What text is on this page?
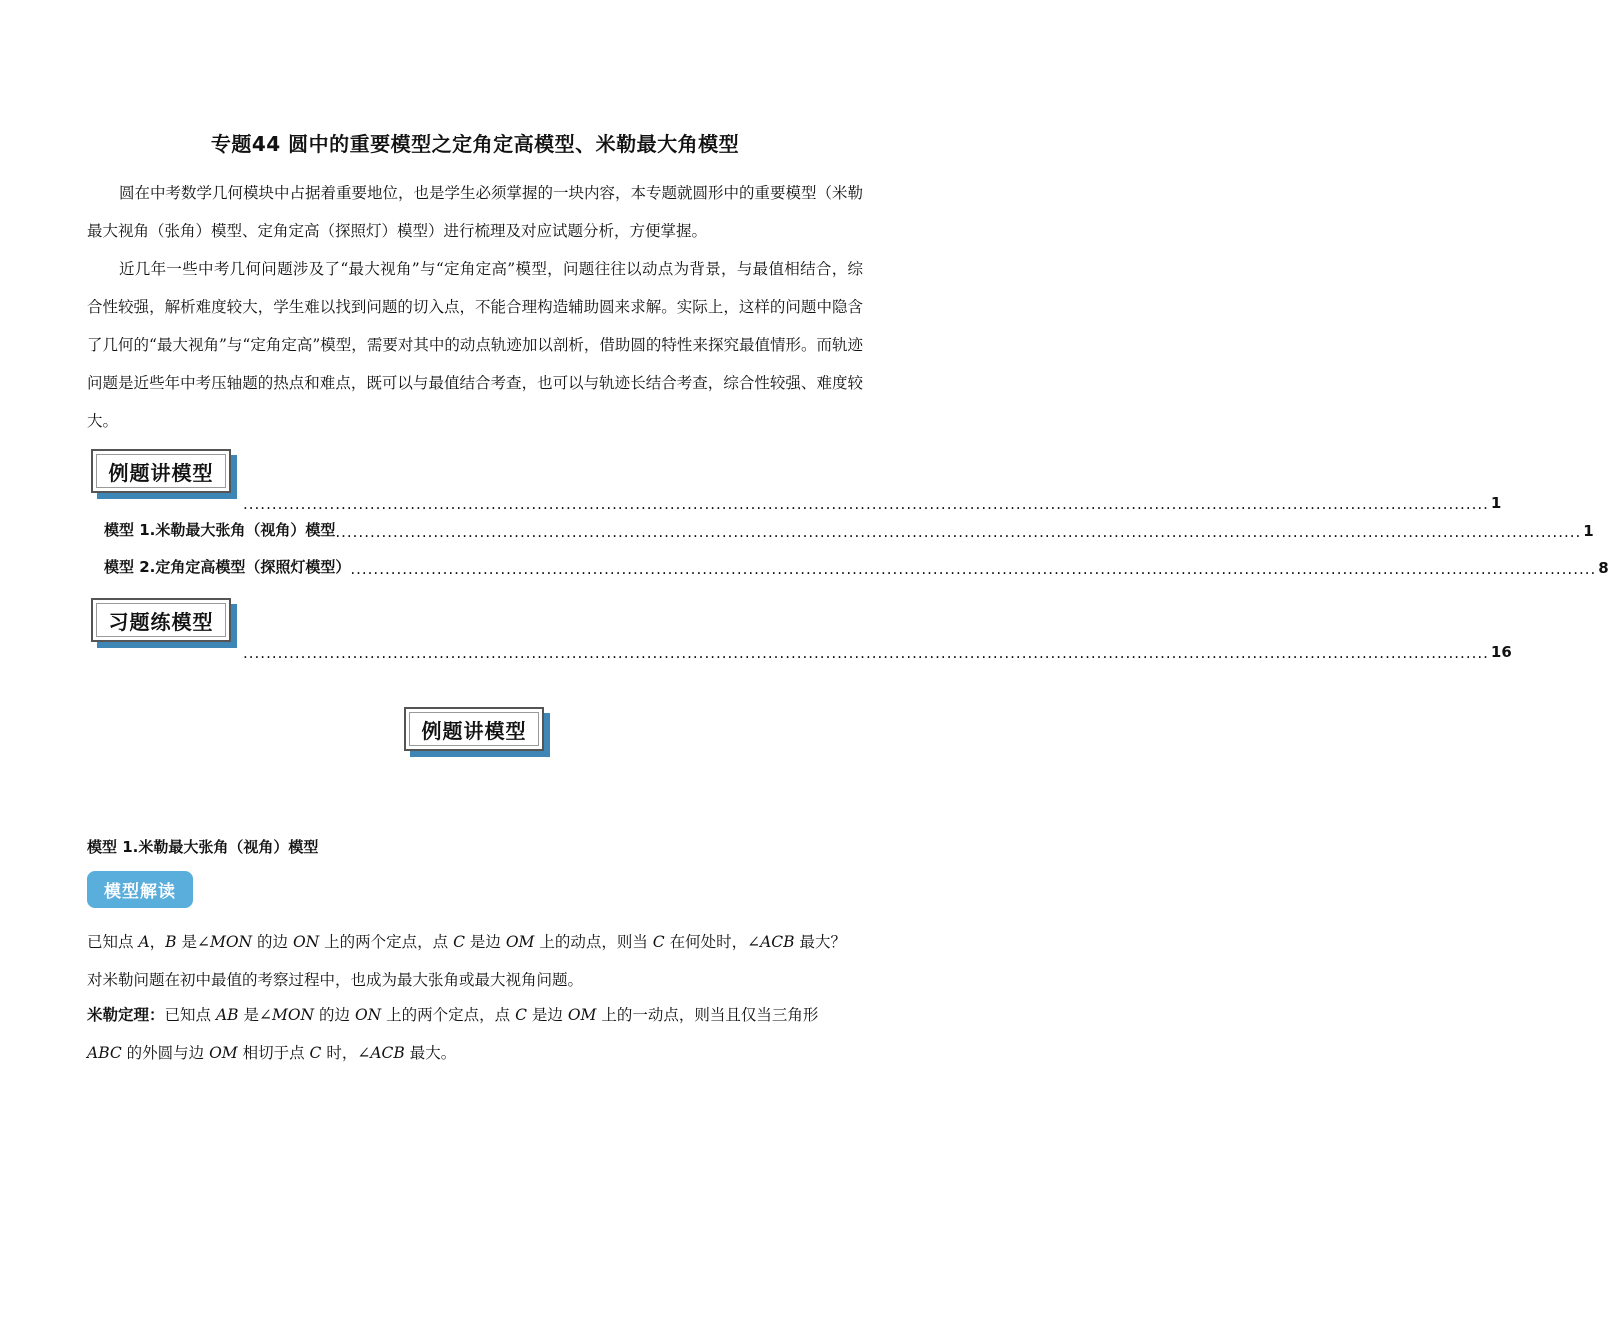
专题44 圆中的重要模型之定角定高模型、米勒最大角模型
圆在中考数学几何模块中占据着重要地位，也是学生必须掌握的一块内容，本专题就圆形中的重要模型（米勒最大视角（张角）模型、定角定高（探照灯）模型）进行梳理及对应试题分析，方便掌握。
近几年一些中考几何问题涉及了“最大视角”与“定角定高”模型，问题往往以动点为背景，与最值相结合，综合性较强，解析难度较大，学生难以找到问题的切入点，不能合理构造辅助圆来求解。实际上，这样的问题中隐含了几何的“最大视角”与“定角定高”模型，需要对其中的动点轨迹加以剖析，借助圆的特性来探究最值情形。而轨迹问题是近些年中考压轴题的热点和难点，既可以与最值结合考查，也可以与轨迹长结合考查，综合性较强、难度较大。
例题讲模型
........................................................................................................................................................................................................................ 1
模型 1.米勒最大张角（视角）模型 ........................................................................................................................................................................................................................ 1
模型 2.定角定高模型（探照灯模型） ........................................................................................................................................................................................................................ 8
习题练模型
........................................................................................................................................................................................................................ 16
例题讲模型
模型 1.米勒最大张角（视角）模型
模型解读
已知点 A，B 是∠MON 的边 ON 上的两个定点，点 C 是边 OM 上的动点，则当 C 在何处时，∠ACB 最大？
对米勒问题在初中最值的考察过程中，也成为最大张角或最大视角问题。
米勒定理：已知点 AB 是∠MON 的边 ON 上的两个定点，点 C 是边 OM 上的一动点，则当且仅当三角形
ABC 的外圆与边 OM 相切于点 C 时，∠ACB 最大。
